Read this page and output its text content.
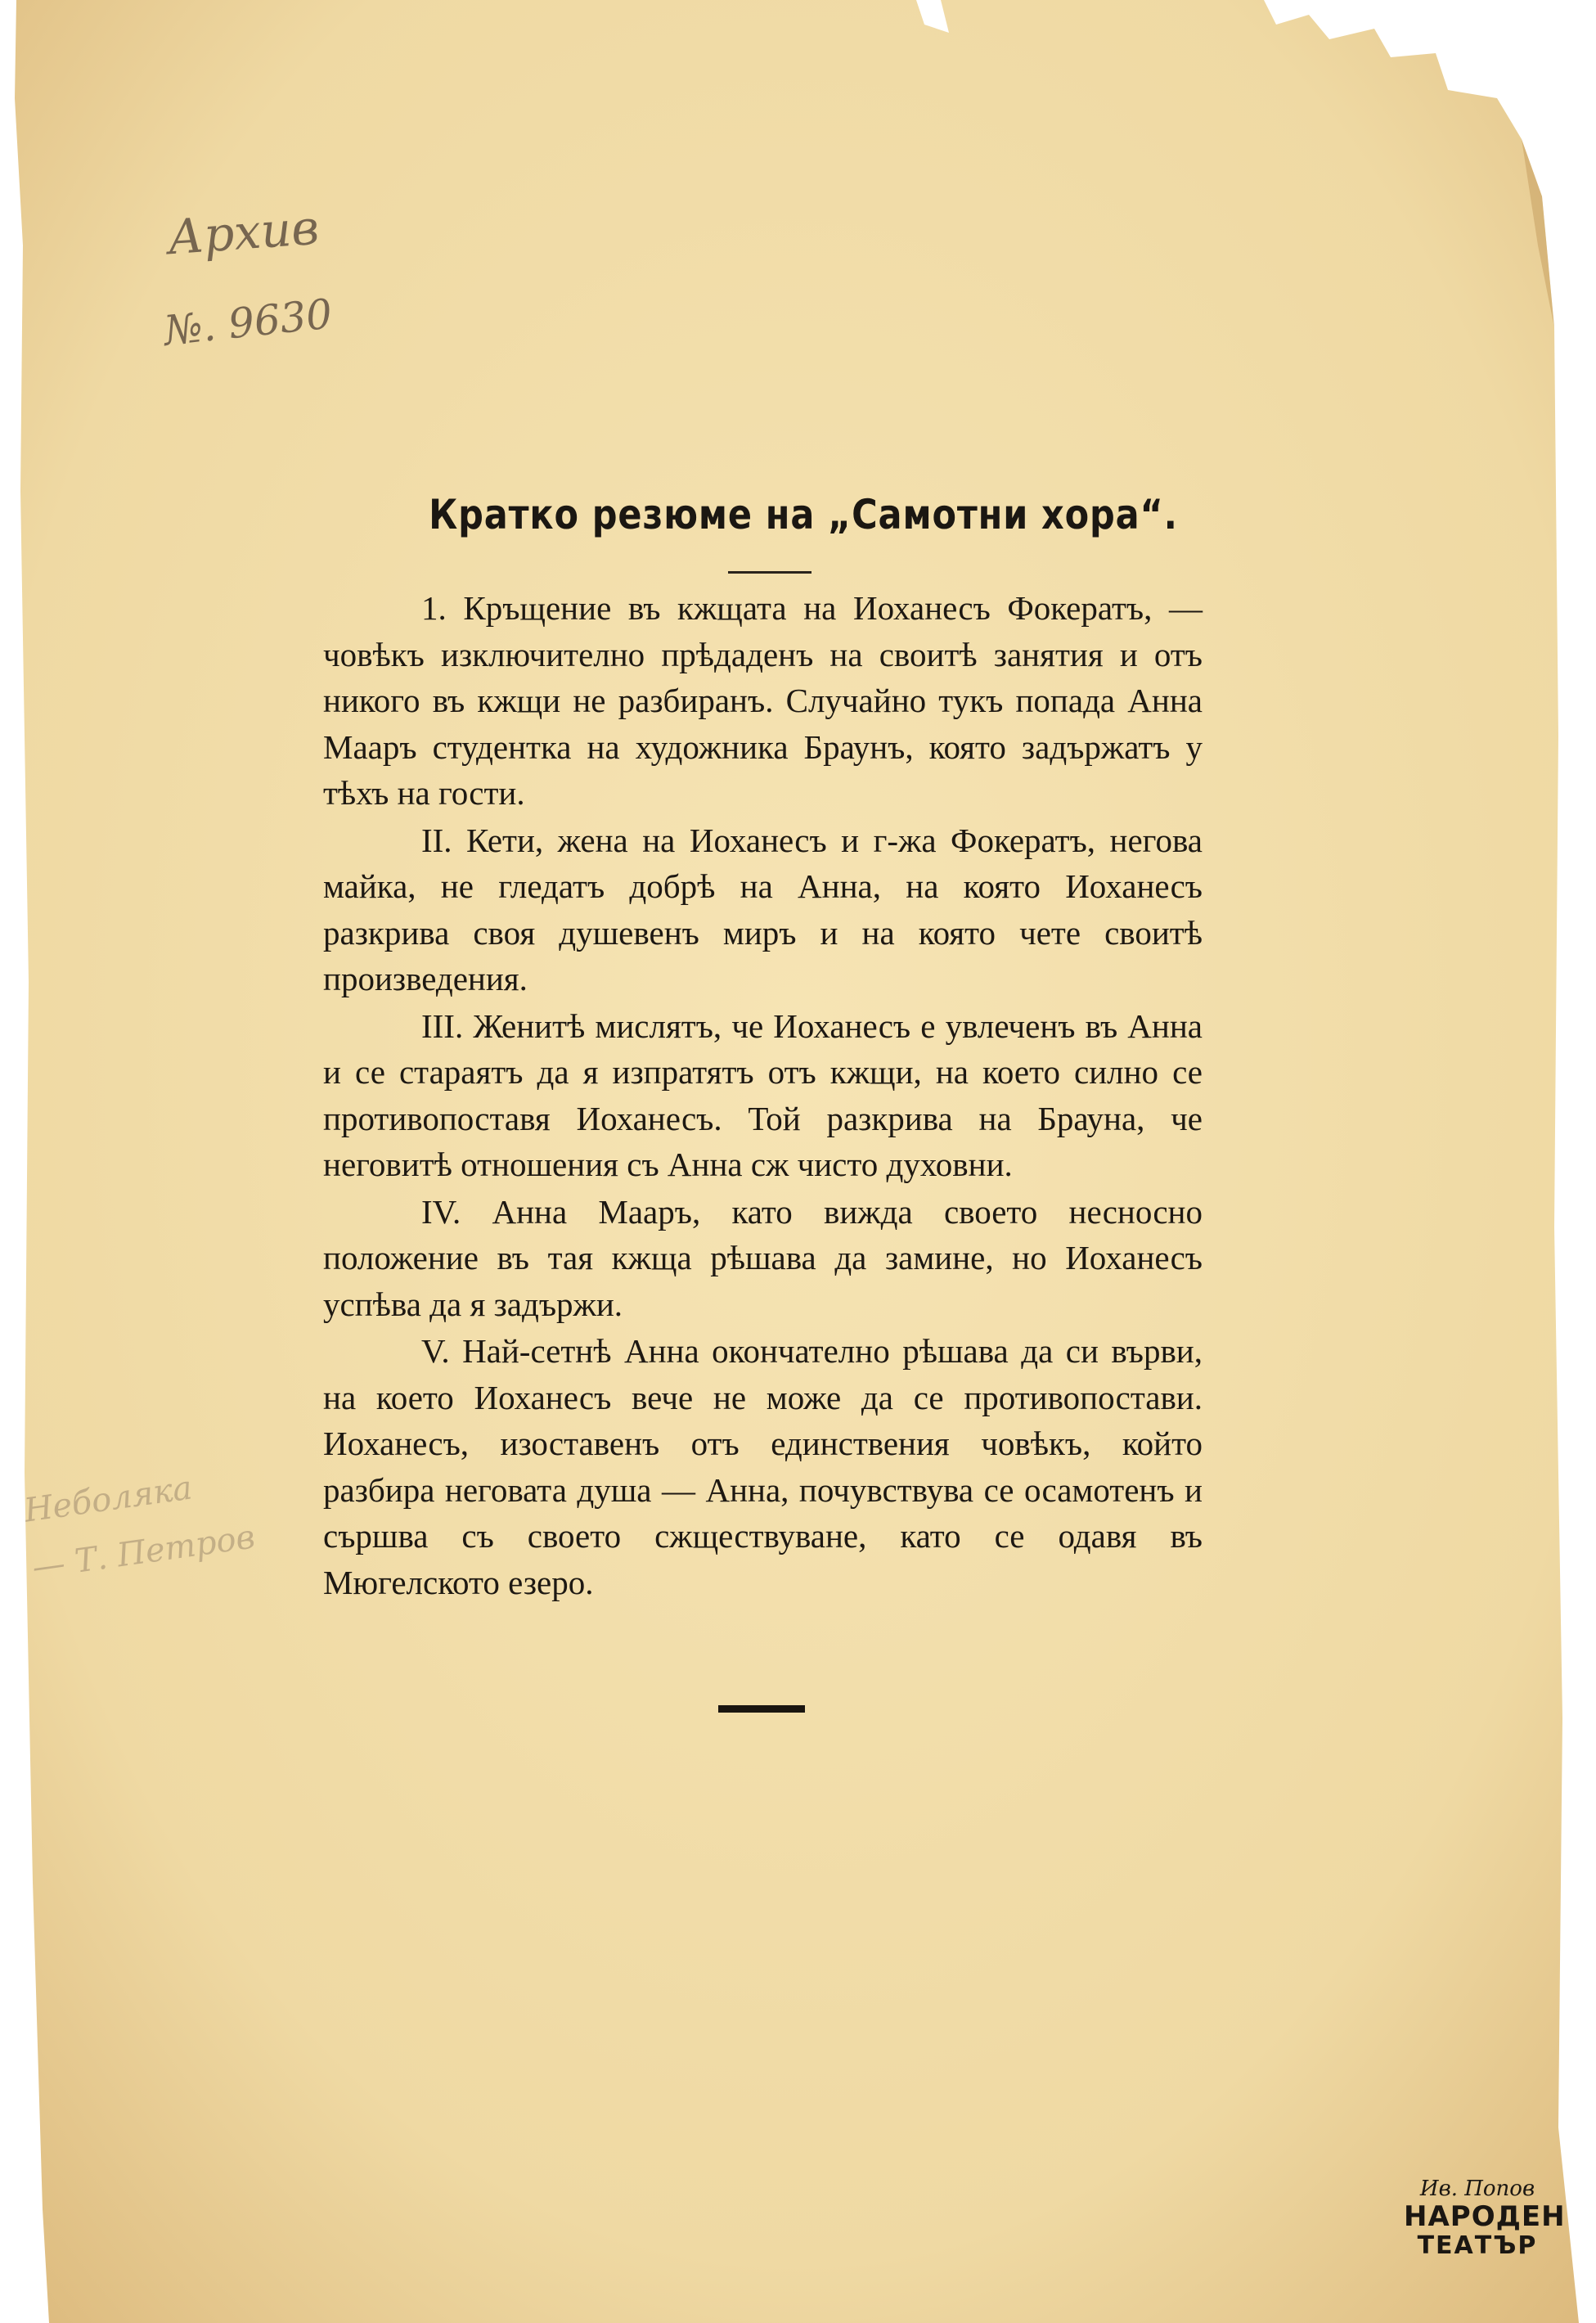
Архив
№. 9630
Неболяка
— Т. Петров
Кратко резюме на „Самотни хора“.

1. Кръщение въ кжщата на Иоханесъ Фокератъ, — човѣкъ изключително прѣдаденъ на своитѣ занятия и отъ никого въ кжщи не разбиранъ. Случайно тукъ попада Анна Мааръ студентка на художника Браунъ, която задържатъ у тѣхъ на гости.

II. Кети, жена на Иоханесъ и г-жа Фокератъ, негова майка, не гледатъ добрѣ на Анна, на която Иоханесъ разкрива своя душевенъ миръ и на която чете своитѣ произведения.

III. Женитѣ мислятъ, че Иоханесъ е увлеченъ въ Анна и се стараятъ да я изпратятъ отъ кжщи, на което силно се противопоставя Иоханесъ. Той разкрива на Брауна, че неговитѣ отношения съ Анна сж чисто духовни.

IV. Анна Мааръ, като вижда своето несносно положение въ тая кжща рѣшава да замине, но Иоханесъ успѣва да я задържи.

V. Най-сетнѣ Анна окончателно рѣшава да си върви, на което Иоханесъ вече не може да се противопостави. Иоханесъ, изоставенъ отъ единствения човѣкъ, който разбира неговата душа — Анна, почувствува се осамотенъ и сършва съ своето сжществуване, като се одавя въ Мюгелското езеро.

Ив. Попов
НАРОДЕН
ТЕАТЪР
